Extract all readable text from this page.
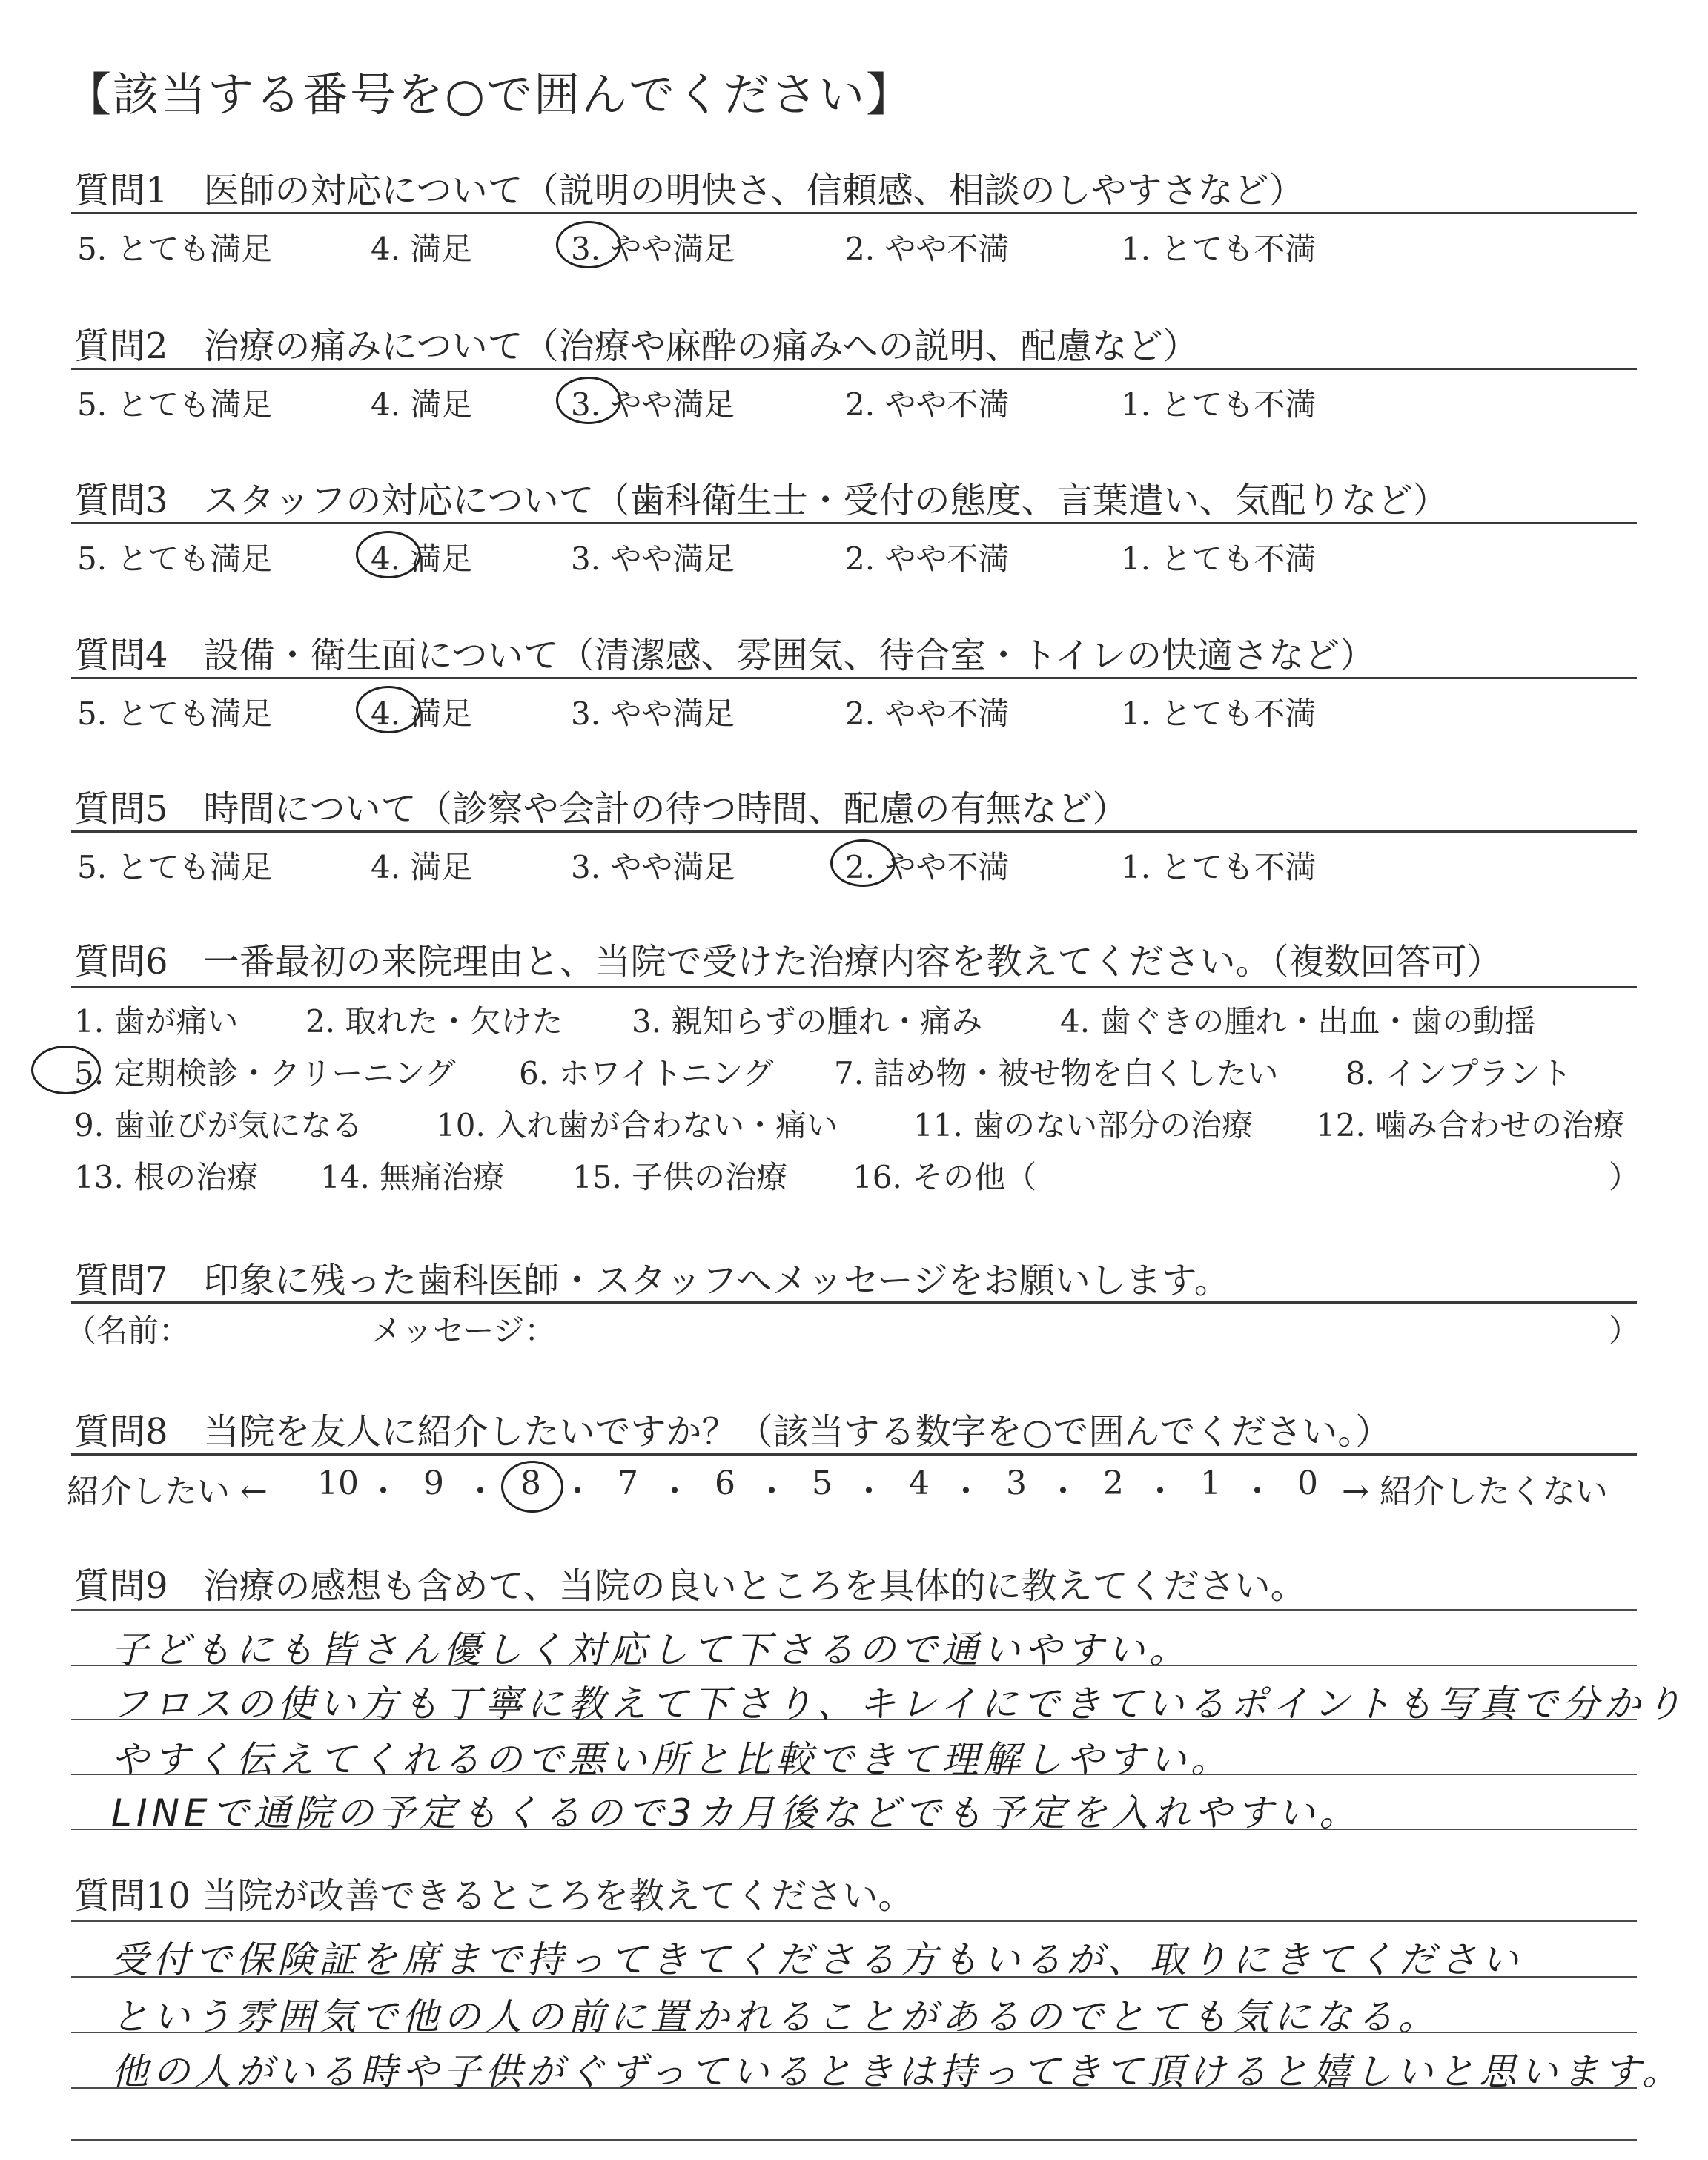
【該当する番号を○で囲んでください】
質問1　医師の対応について（説明の明快さ、信頼感、相談のしやすさなど）
5. とても満足	4. 満足	3. やや満足	2. やや不満	1. とても不満
質問2　治療の痛みについて（治療や麻酔の痛みへの説明、配慮など）
5. とても満足	4. 満足	3. やや満足	2. やや不満	1. とても不満
質問3　スタッフの対応について（歯科衛生士・受付の態度、言葉遣い、気配りなど）
5. とても満足	4. 満足	3. やや満足	2. やや不満	1. とても不満
質問4　設備・衛生面について（清潔感、雰囲気、待合室・トイレの快適さなど）
5. とても満足	4. 満足	3. やや満足	2. やや不満	1. とても不満
質問5　時間について（診察や会計の待つ時間、配慮の有無など）
5. とても満足	4. 満足	3. やや満足	2. やや不満	1. とても不満
質問6　一番最初の来院理由と、当院で受けた治療内容を教えてください。（複数回答可）
1. 歯が痛い 2. 取れた・欠けた 3. 親知らずの腫れ・痛み 4. 歯ぐきの腫れ・出血・歯の動揺
5. 定期検診・クリーニング 6. ホワイトニング 7. 詰め物・被せ物を白くしたい 8. インプラント
9. 歯並びが気になる 10. 入れ歯が合わない・痛い 11. 歯のない部分の治療 12. 噛み合わせの治療
13. 根の治療 14. 無痛治療 15. 子供の治療 16. その他（	）
質問7　印象に残った歯科医師・スタッフへメッセージをお願いします。
（名前：	メッセージ：	）
質問8　当院を友人に紹介したいですか？（該当する数字を○で囲んでください。）
紹介したい ← 10 ・ 9 ・ 8 ・ 7 ・ 6 ・ 5 ・ 4 ・ 3 ・ 2 ・ 1 ・ 0 → 紹介したくない
質問9　治療の感想も含めて、当院の良いところを具体的に教えてください。
子どもにも皆さん優しく対応して下さるので通いやすい。
フロスの使い方も丁寧に教えて下さり、キレイにできているポイントも写真で分かり
やすく伝えてくれるので悪い所と比較できて理解しやすい。
LINEで通院の予定もくるので3カ月後などでも予定を入れやすい。
質問10 当院が改善できるところを教えてください。
受付で保険証を席まで持ってきてくださる方もいるが、取りにきてください
という雰囲気で他の人の前に置かれることがあるのでとても気になる。
他の人がいる時や子供がぐずっているときは持ってきて頂けると嬉しいと思います。
